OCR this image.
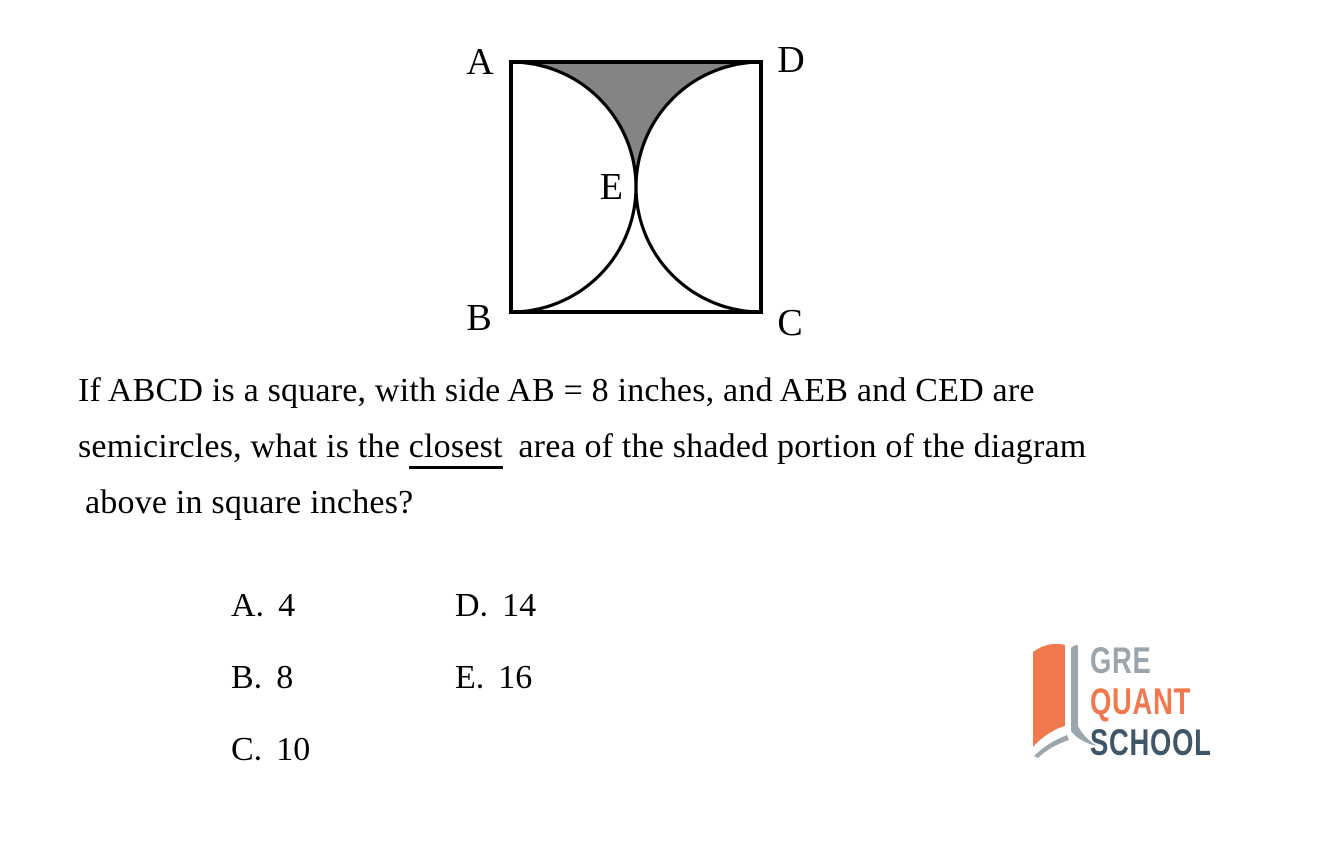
A	D
B	C
E
If ABCD is a square, with side AB = 8 inches, and AEB and CED are
semicircles, what is the closest area of the shaded portion of the diagram
above in square inches?
A. 4
B. 8
C. 10
D. 14
E. 16	GRE
QUANT
SCHOOL
